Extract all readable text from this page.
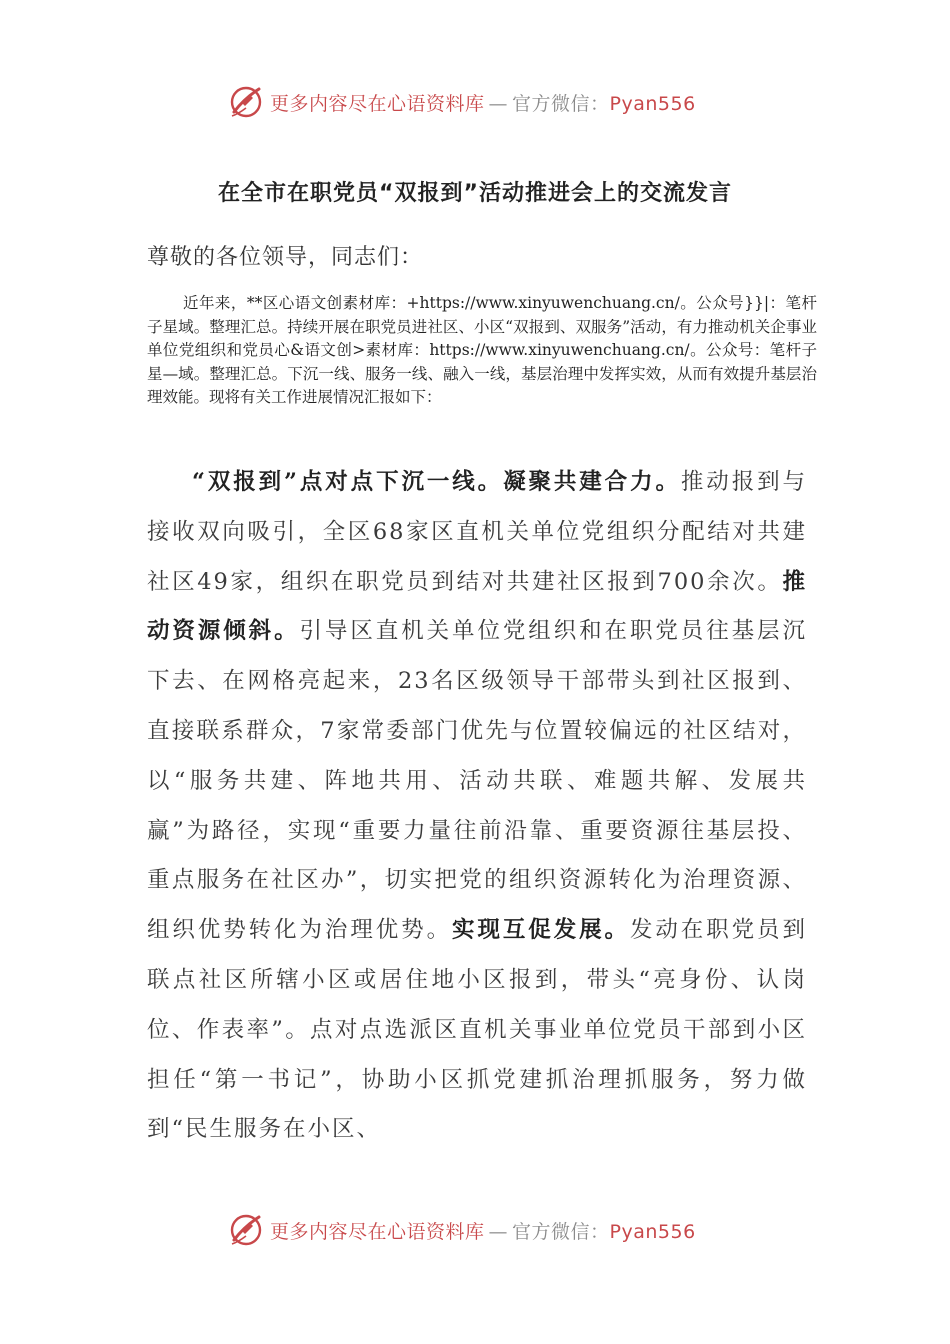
更多内容尽在心语资料库 — 官方微信：Pyan556
在全市在职党员“双报到”活动推进会上的交流发言
尊敬的各位领导，同志们：

近年来，**区心语文创素材库：+https://www.xinyuwenchuang.cn/。公众号}}|：笔杆子星域。整理汇总。持续开展在职党员进社区、小区“双报到、双服务”活动，有力推动机关企事业单位党组织和党员心&语文创>素材库：https://www.xinyuwenchuang.cn/。公众号：笔杆子星—域。整理汇总。下沉一线、服务一线、融入一线，基层治理中发挥实效，从而有效提升基层治理效能。现将有关工作进展情况汇报如下：

“双报到”点对点下沉一线。凝聚共建合力。推动报到与接收双向吸引，全区68家区直机关单位党组织分配结对共建社区49家，组织在职党员到结对共建社区报到700余次。推动资源倾斜。引导区直机关单位党组织和在职党员往基层沉下去、在网格亮起来，23名区级领导干部带头到社区报到、直接联系群众，7家常委部门优先与位置较偏远的社区结对，以“服务共建、阵地共用、活动共联、难题共解、发展共赢”为路径，实现“重要力量往前沿靠、重要资源往基层投、重点服务在社区办”，切实把党的组织资源转化为治理资源、组织优势转化为治理优势。实现互促发展。发动在职党员到联点社区所辖小区或居住地小区报到，带头“亮身份、认岗位、作表率”。点对点选派区直机关事业单位党员干部到小区担任“第一书记”，协助小区抓党建抓治理抓服务，努力做到“民生服务在小区、

更多内容尽在心语资料库 — 官方微信：Pyan556
